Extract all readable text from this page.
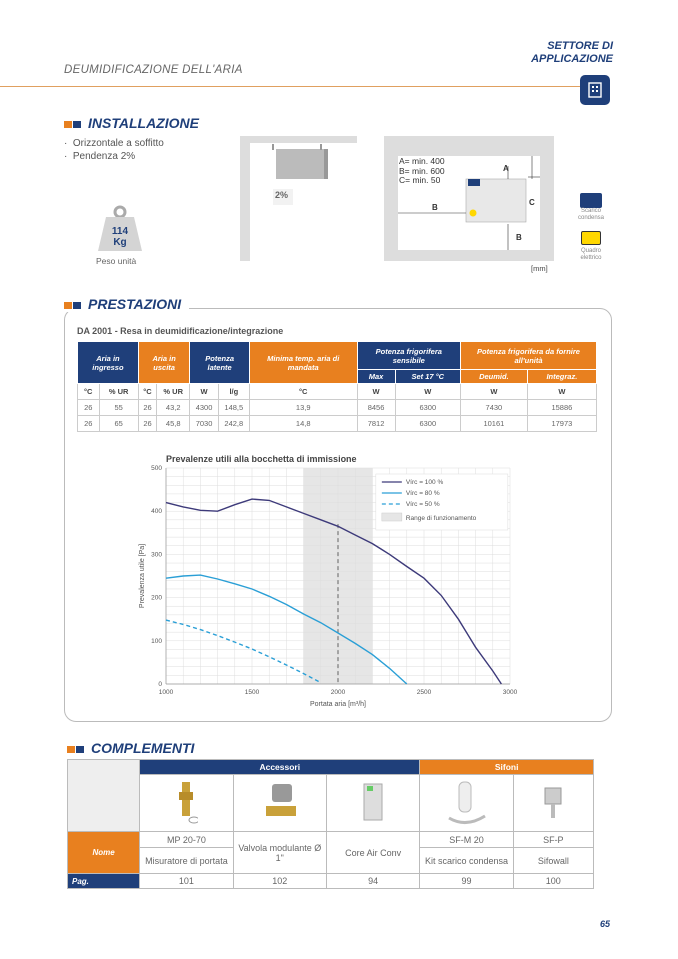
DEUMIDIFICAZIONE DELL'ARIA
SETTORE DI
APPLICAZIONE
INSTALLAZIONE
·  Orizzontale a soffitto
·  Pendenza 2%
114
Kg
Peso unità
2%
A= min. 400
B= min. 600
C= min. 50
A
B
B
C
[mm]
Scarico
condensa
Quadro
elettrico
PRESTAZIONI
DA 2001 - Resa in deumidificazione/integrazione
Aria in ingresso		Aria in uscita		Potenza latente		Minima temp. aria di mandata	Potenza frigorifera sensibile		Potenza frigorifera da fornire all'unità	
							Max	Set 17 °C	Deumid.	Integraz.
°C	% UR	°C	% UR	W	l/g	°C	W	W	W	W
26	55	26	43,2	4300	148,5	13,9	8456	6300	7430	15886
26	65	26	45,8	7030	242,8	14,8	7812	6300	10161	17973
Prevalenze utili alla bocchetta di immissione
1000	1500	2000	2500	3000
0
100
200
300
400
500
Portata aria [m³/h]
Prevalenza utile [Pa]
Vírc = 100 %
Vírc = 80 %
Vírc = 50 %
Range di funzionamento
COMPLEMENTI
	Accessori			Sifoni	

Nome	MP 20-70	Valvola modulante Ø 1"	Core Air Conv	SF-M 20	SF-P
	Misuratore di portata			Kit scarico condensa	Sifowall
Pag.	101	102	94	99	100
65
